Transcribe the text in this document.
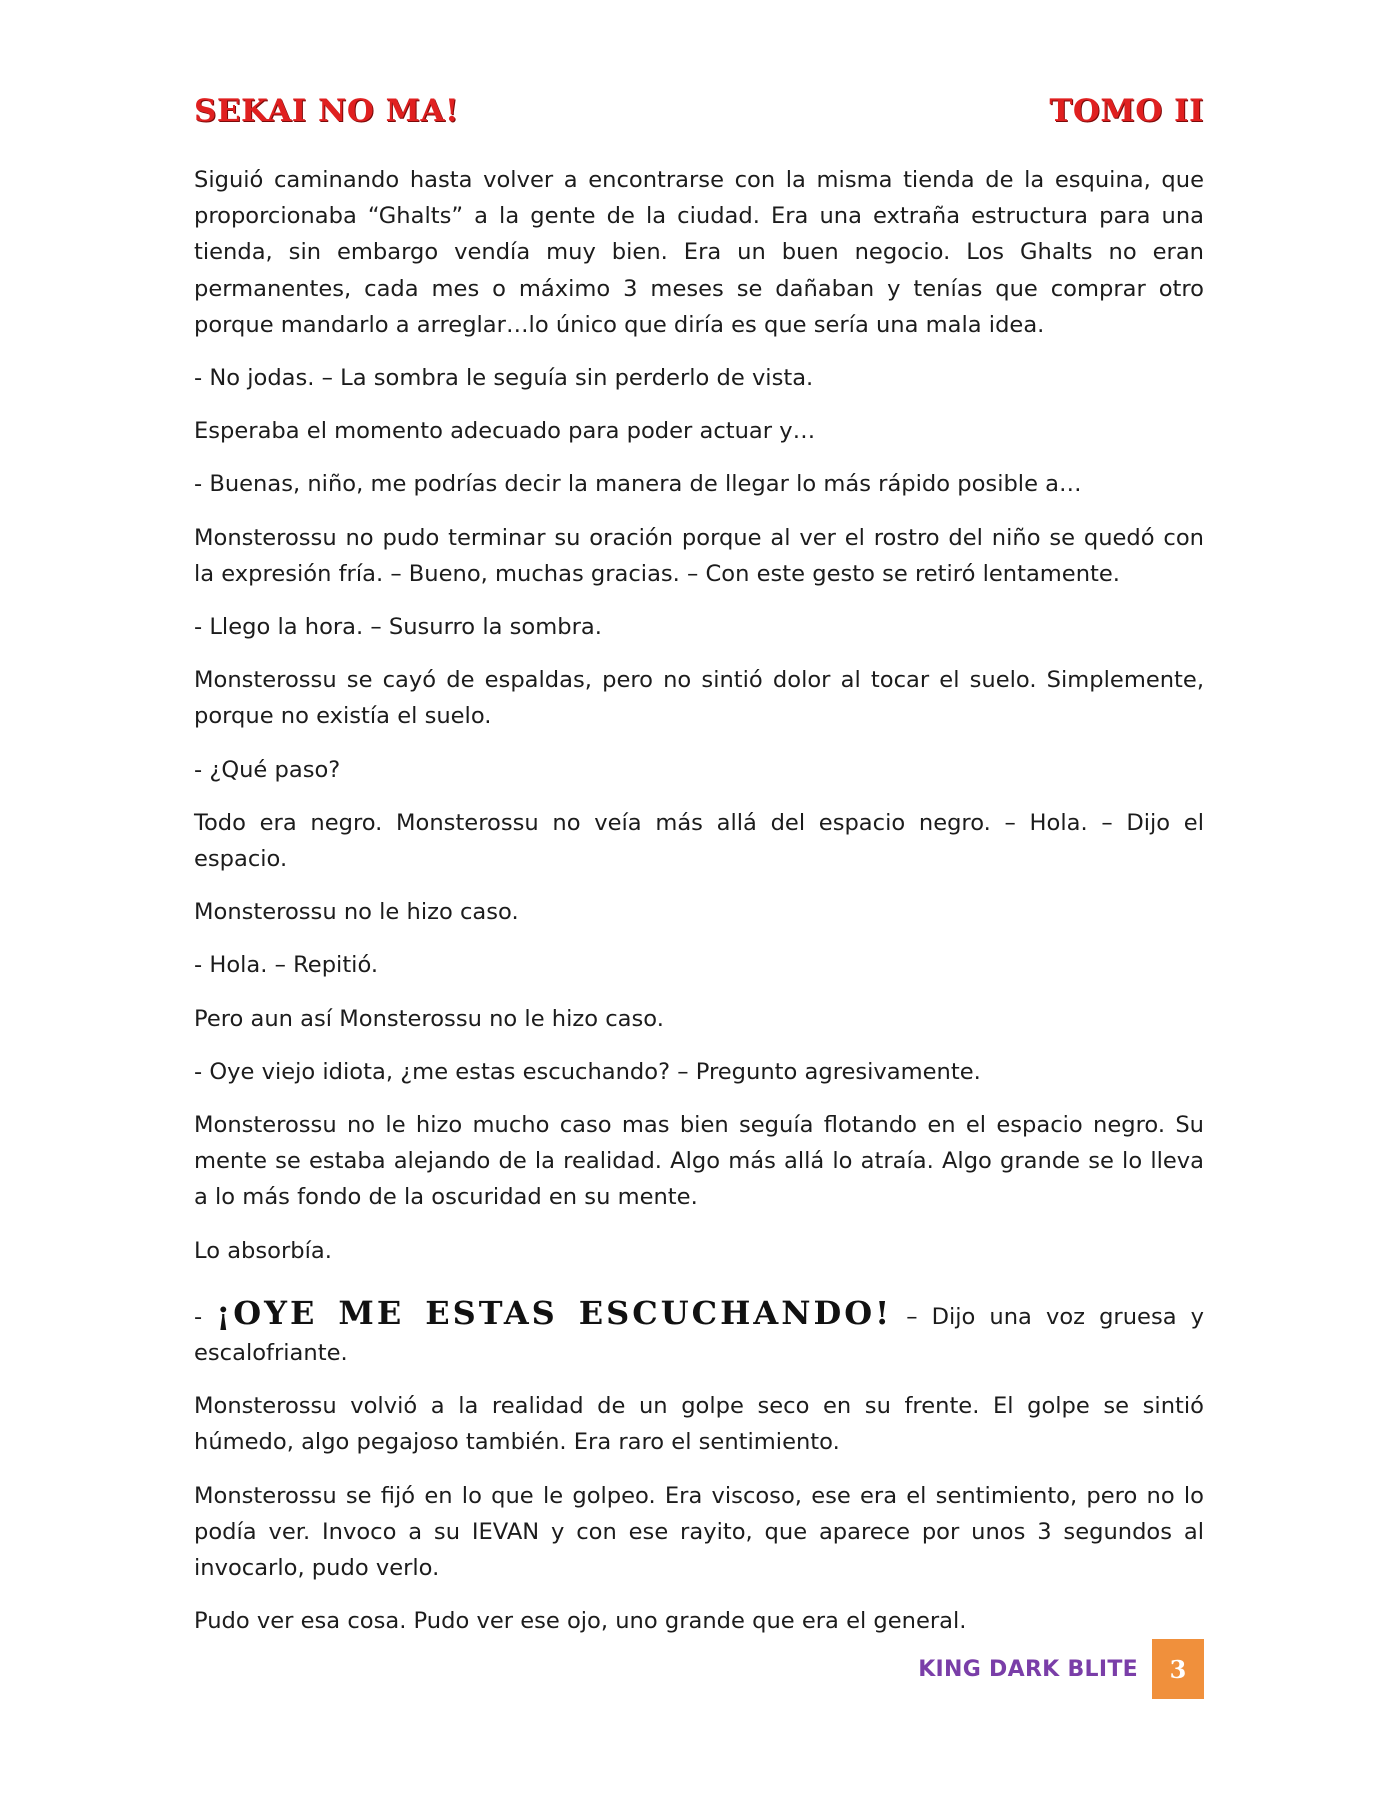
SEKAI NO MA!	TOMO II

Siguió caminando hasta volver a encontrarse con la misma tienda de la esquina, que proporcionaba “Ghalts” a la gente de la ciudad. Era una extraña estructura para una tienda, sin embargo vendía muy bien. Era un buen negocio. Los Ghalts no eran permanentes, cada mes o máximo 3 meses se dañaban y tenías que comprar otro porque mandarlo a arreglar…lo único que diría es que sería una mala idea.

- No jodas. – La sombra le seguía sin perderlo de vista.

Esperaba el momento adecuado para poder actuar y…

- Buenas, niño, me podrías decir la manera de llegar lo más rápido posible a…

Monsterossu no pudo terminar su oración porque al ver el rostro del niño se quedó con la expresión fría. – Bueno, muchas gracias. – Con este gesto se retiró lentamente.

- Llego la hora. – Susurro la sombra.

Monsterossu se cayó de espaldas, pero no sintió dolor al tocar el suelo. Simplemente, porque no existía el suelo.

- ¿Qué paso?

Todo era negro. Monsterossu no veía más allá del espacio negro. – Hola. – Dijo el espacio.

Monsterossu no le hizo caso.

- Hola. – Repitió.

Pero aun así Monsterossu no le hizo caso.

- Oye viejo idiota, ¿me estas escuchando? – Pregunto agresivamente.

Monsterossu no le hizo mucho caso mas bien seguía flotando en el espacio negro. Su mente se estaba alejando de la realidad. Algo más allá lo atraía. Algo grande se lo lleva a lo más fondo de la oscuridad en su mente.

Lo absorbía.

- ¡OYE ME ESTAS ESCUCHANDO! – Dijo una voz gruesa y escalofriante.

Monsterossu volvió a la realidad de un golpe seco en su frente. El golpe se sintió húmedo, algo pegajoso también. Era raro el sentimiento.

Monsterossu se fijó en lo que le golpeo. Era viscoso, ese era el sentimiento, pero no lo podía ver. Invoco a su IEVAN y con ese rayito, que aparece por unos 3 segundos al invocarlo, pudo verlo.

Pudo ver esa cosa. Pudo ver ese ojo, uno grande que era el general.

KING DARK BLITE	3
